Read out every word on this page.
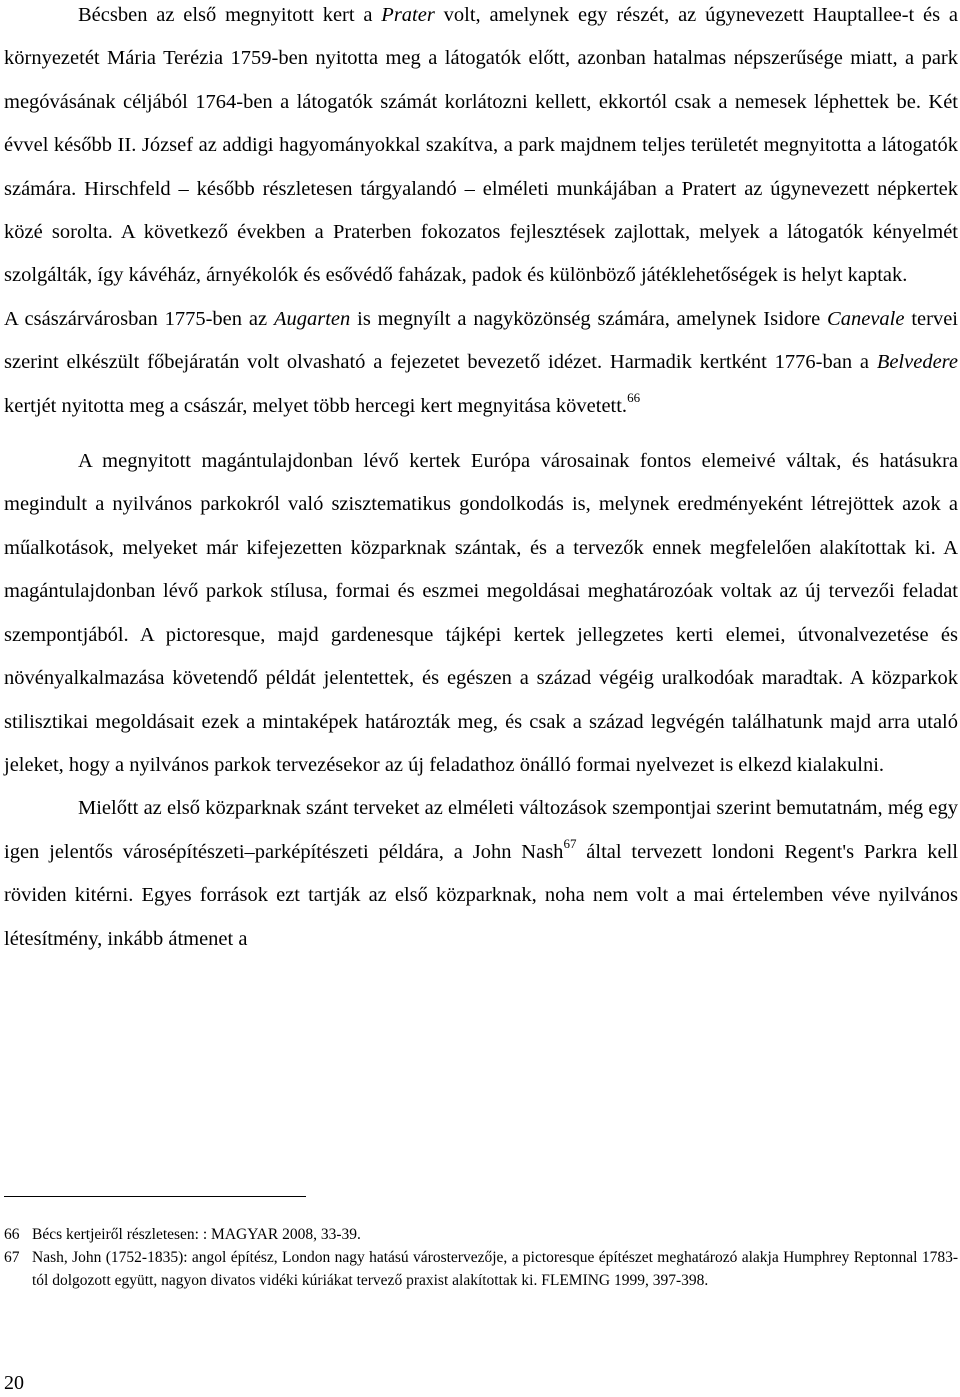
Bécsben az első megnyitott kert a Prater volt, amelynek egy részét, az úgynevezett Hauptallee-t és a környezetét Mária Terézia 1759-ben nyitotta meg a látogatók előtt, azonban hatalmas népszerűsége miatt, a park megóvásának céljából 1764-ben a látogatók számát korlátozni kellett, ekkortól csak a nemesek léphettek be. Két évvel később II. József az addigi hagyományokkal szakítva, a park majdnem teljes területét megnyitotta a látogatók számára. Hirschfeld – később részletesen tárgyalandó – elméleti munkájában a Pratert az úgynevezett népkertek közé sorolta. A következő években a Praterben fokozatos fejlesztések zajlottak, melyek a látogatók kényelmét szolgálták, így kávéház, árnyékolók és esővédő faházak, padok és különböző játéklehetőségek is helyt kaptak.

A császárvárosban 1775-ben az Augarten is megnyílt a nagyközönség számára, amelynek Isidore Canevale tervei szerint elkészült főbejáratán volt olvasható a fejezetet bevezető idézet. Harmadik kertként 1776-ban a Belvedere kertjét nyitotta meg a császár, melyet több hercegi kert megnyitása követett.$^{66}$

A megnyitott magántulajdonban lévő kertek Európa városainak fontos elemeivé váltak, és hatásukra megindult a nyilvános parkokról való szisztematikus gondolkodás is, melynek eredményeként létrejöttek azok a műalkotások, melyeket már kifejezetten közparknak szántak, és a tervezők ennek megfelelően alakítottak ki. A magántulajdonban lévő parkok stílusa, formai és eszmei megoldásai meghatározóak voltak az új tervezői feladat szempontjából. A pictoresque, majd gardenesque tájképi kertek jellegzetes kerti elemei, útvonalvezetése és növényalkalmazása követendő példát jelentettek, és egészen a század végéig uralkodóak maradtak. A közparkok stilisztikai megoldásait ezek a mintaképek határozták meg, és csak a század legvégén találhatunk majd arra utaló jeleket, hogy a nyilvános parkok tervezésekor az új feladathoz önálló formai nyelvezet is elkezd kialakulni.

Mielőtt az első közparknak szánt terveket az elméleti változások szempontjai szerint bemutatnám, még egy igen jelentős városépítészeti–parképítészeti példára, a John Nash$^{67}$ által tervezett londoni Regent's Parkra kell röviden kitérni. Egyes források ezt tartják az első közparknak, noha nem volt a mai értelemben véve nyilvános létesítmény, inkább átmenet a

66 Bécs kertjeiről részletesen: : MAGYAR 2008, 33-39.
67 Nash, John (1752-1835): angol építész, London nagy hatású várostervezője, a pictoresque építészet meghatározó alakja Humphrey Reptonnal 1783-tól dolgozott együtt, nagyon divatos vidéki kúriákat tervező praxist alakítottak ki. FLEMING 1999, 397-398.
20
